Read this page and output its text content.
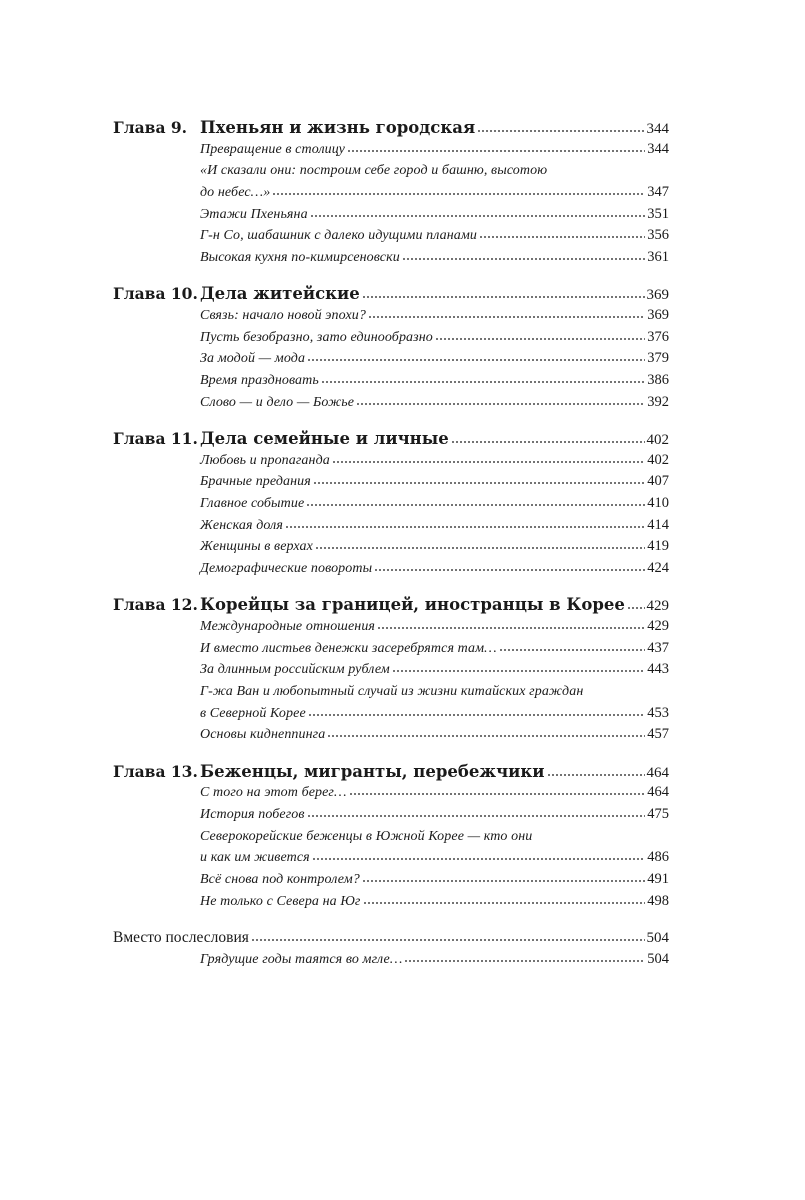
Глава 9. Пхеньян и жизнь городская	344
Превращение в столицу	344
«И сказали они: построим себе город и башню, высотою
до небес…»	347
Этажи Пхеньяна	351
Г-н Со, шабашник с далеко идущими планами	356
Высокая кухня по-кимирсеновски	361
Глава 10. Дела житейские	369
Связь: начало новой эпохи?	369
Пусть безобразно, зато единообразно	376
За модой — мода	379
Время праздновать	386
Слово — и дело — Божье	392
Глава 11. Дела семейные и личные	402
Любовь и пропаганда	402
Брачные предания	407
Главное событие	410
Женская доля	414
Женщины в верхах	419
Демографические повороты	424
Глава 12. Корейцы за границей, иностранцы в Корее 429
Международные отношения	429
И вместо листьев денежки засеребрятся там…	437
За длинным российским рублем	443
Г-жа Ван и любопытный случай из жизни китайских граждан
в Северной Корее	453
Основы киднеппинга	457
Глава 13. Беженцы, мигранты, перебежчики	464
С того на этот берег…	464
История побегов	475
Северокорейские беженцы в Южной Корее — кто они
и как им живется	486
Всё снова под контролем?	491
Не только с Севера на Юг	498
Вместо послесловия	504
Грядущие годы таятся во мгле…	504
